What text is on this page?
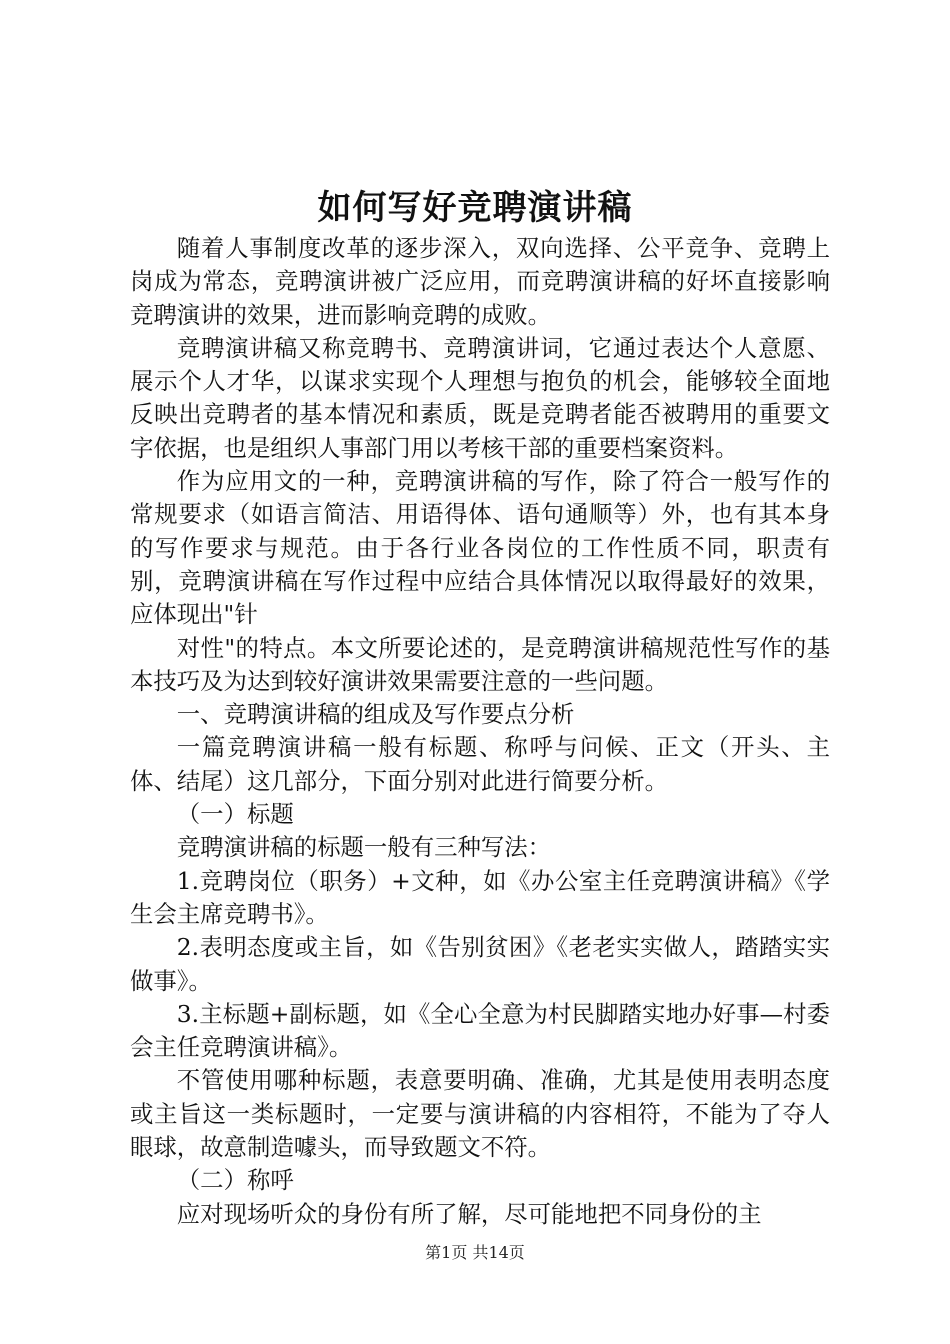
如何写好竞聘演讲稿

随着人事制度改革的逐步深入，双向选择、公平竞争、竞聘上岗成为常态，竞聘演讲被广泛应用，而竞聘演讲稿的好坏直接影响竞聘演讲的效果，进而影响竞聘的成败。

竞聘演讲稿又称竞聘书、竞聘演讲词，它通过表达个人意愿、展示个人才华，以谋求实现个人理想与抱负的机会，能够较全面地反映出竞聘者的基本情况和素质，既是竞聘者能否被聘用的重要文字依据，也是组织人事部门用以考核干部的重要档案资料。

作为应用文的一种，竞聘演讲稿的写作，除了符合一般写作的常规要求（如语言简洁、用语得体、语句通顺等）外，也有其本身的写作要求与规范。由于各行业各岗位的工作性质不同，职责有别，竞聘演讲稿在写作过程中应结合具体情况以取得最好的效果，应体现出"针

对性"的特点。本文所要论述的，是竞聘演讲稿规范性写作的基本技巧及为达到较好演讲效果需要注意的一些问题。

一、竞聘演讲稿的组成及写作要点分析

一篇竞聘演讲稿一般有标题、称呼与问候、正文（开头、主体、结尾）这几部分，下面分别对此进行简要分析。

（一）标题

竞聘演讲稿的标题一般有三种写法：

1.竞聘岗位（职务）+文种，如《办公室主任竞聘演讲稿》《学生会主席竞聘书》。

2.表明态度或主旨，如《告别贫困》《老老实实做人，踏踏实实做事》。

3.主标题+副标题，如《全心全意为村民脚踏实地办好事—村委会主任竞聘演讲稿》。

不管使用哪种标题，表意要明确、准确，尤其是使用表明态度或主旨这一类标题时，一定要与演讲稿的内容相符，不能为了夺人眼球，故意制造噱头，而导致题文不符。

（二）称呼

应对现场听众的身份有所了解，尽可能地把不同身份的主

第1页 共14页
